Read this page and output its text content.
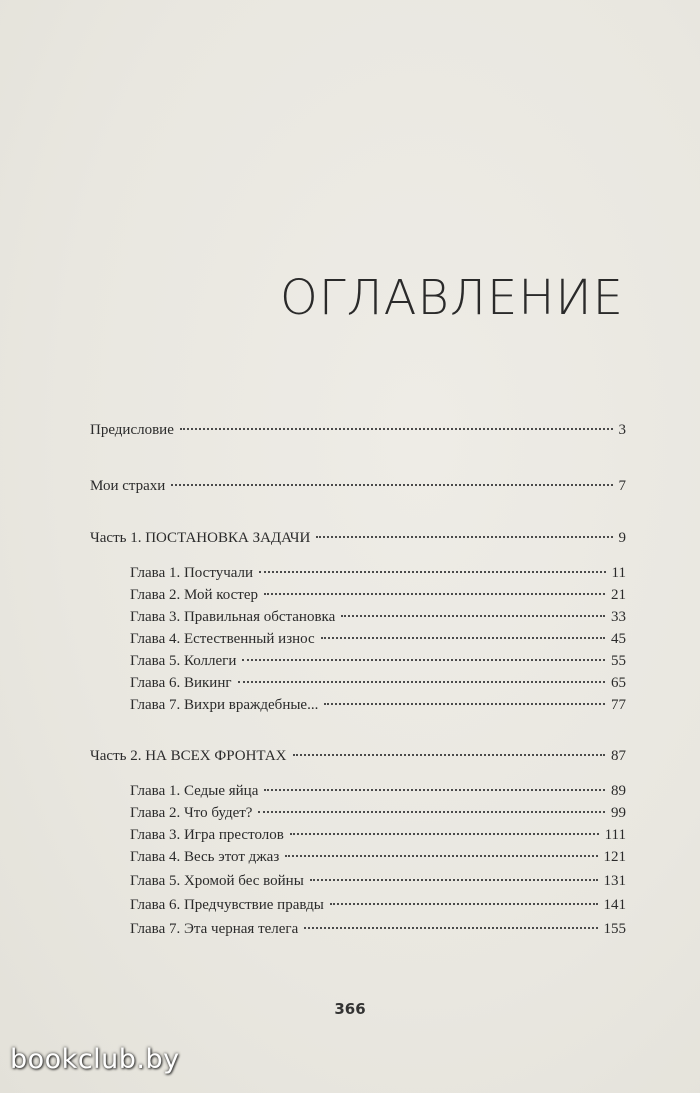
ОГЛАВЛЕНИЕ
Предисловие	3
Мои страхи	7
Часть 1. ПОСТАНОВКА ЗАДАЧИ	9
Глава 1. Постучали	11
Глава 2. Мой костер	21
Глава 3. Правильная обстановка	33
Глава 4. Естественный износ	45
Глава 5. Коллеги	55
Глава 6. Викинг	65
Глава 7. Вихри враждебные...	77
Часть 2. НА ВСЕХ ФРОНТАХ	87
Глава 1. Седые яйца	89
Глава 2. Что будет?	99
Глава 3. Игра престолов	111
Глава 4. Весь этот джаз	121
Глава 5. Хромой бес войны	131
Глава 6. Предчувствие правды	141
Глава 7. Эта черная телега	155
366
bookclub.by
